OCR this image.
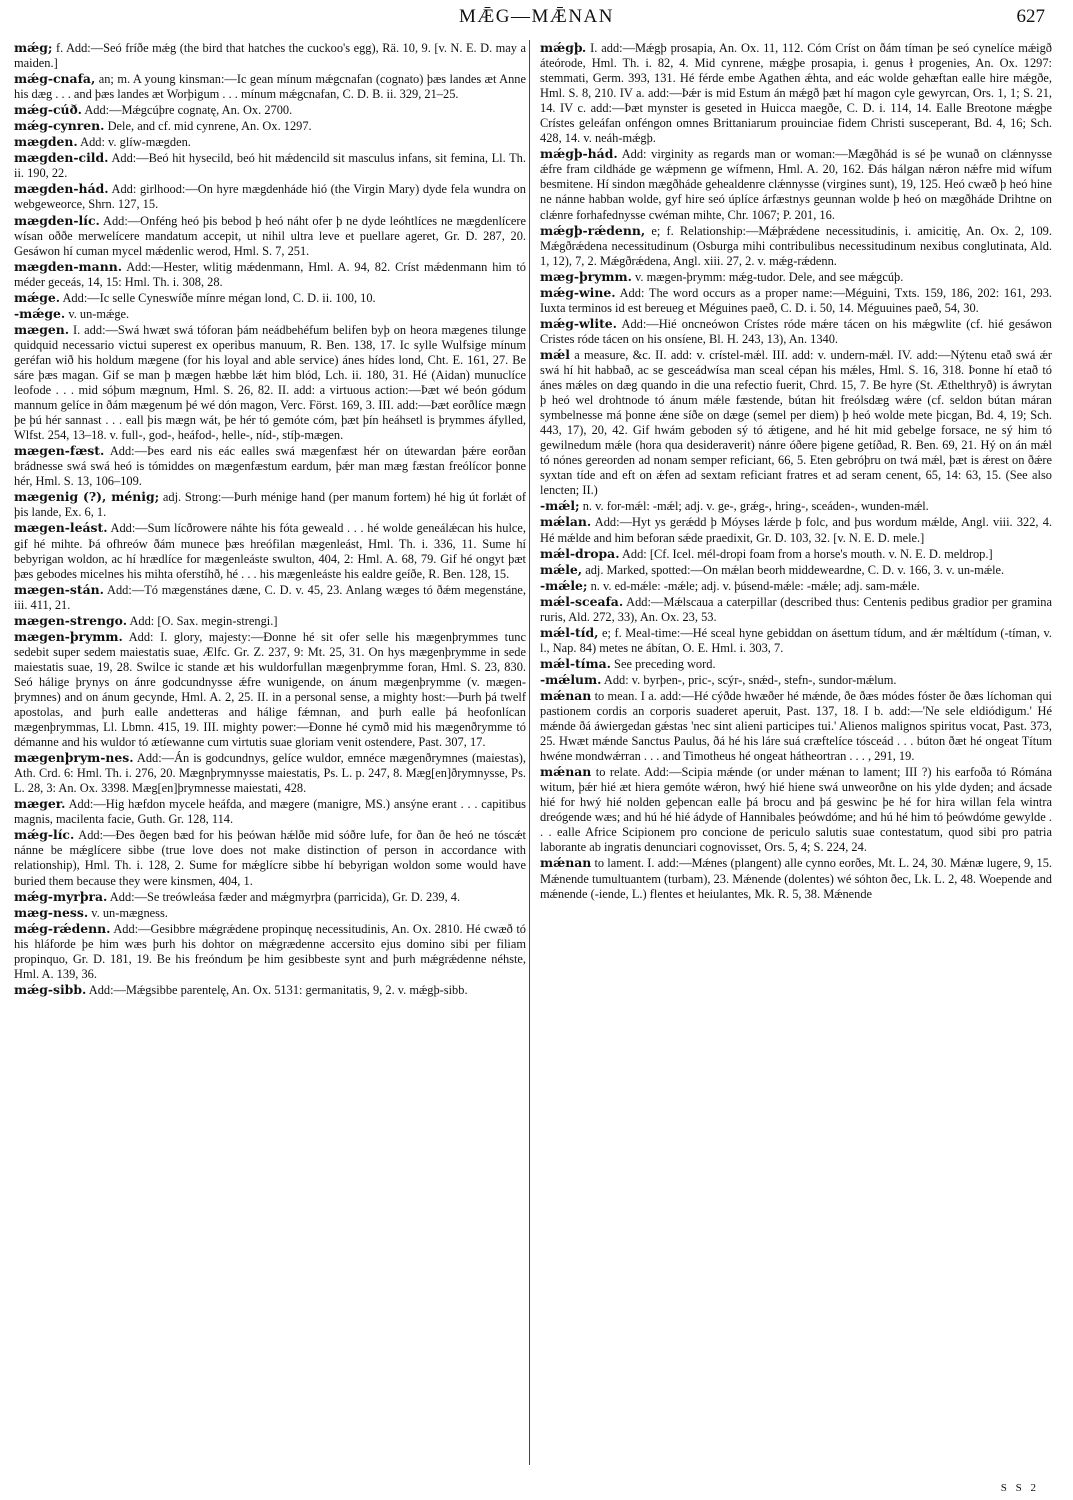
MǢG—MǢNAN	627

mǽg; f. Add:—Seó fríðe mǽg (the bird that hatches the cuckoo's egg), Rä. 10, 9. [v. N. E. D. may a maiden.]

mǽg-cnafa, an; m. A young kinsman:—Ic gean mínum mǽgcnafan (cognato) þæs landes æt Anne his dæg . . . and þæs landes æt Worþigum . . . mínum mǽgcnafan, C. D. B. ii. 329, 21–25.

mǽg-cúð. Add:—Mǽgcúþre cognatę, An. Ox. 2700.

mǽg-cynren. Dele, and cf. mid cynrene, An. Ox. 1297.

mægden. Add: v. glíw-mægden.

mægden-cild. Add:—Beó hit hysecild, beó hit mǽdencild sit masculus infans, sit femina, Ll. Th. ii. 190, 22.

mægden-hád. Add: girlhood:—On hyre mægdenháde hió (the Virgin Mary) dyde fela wundra on webgeweorce, Shrn. 127, 15.

mægden-líc. Add:—Onféng heó þis bebod þ heó náht ofer þ ne dyde leóhtlíces ne mægdenlícere wísan oððe merwelícere mandatum accepit, ut nihil ultra leve et puellare ageret, Gr. D. 287, 20. Gesáwon hí cuman mycel mǽdenlic werod, Hml. S. 7, 251.

mægden-mann. Add:—Hester, wlitig mǽdenmann, Hml. A. 94, 82. Críst mǽdenmann him tó méder geceás, 14, 15: Hml. Th. i. 308, 28.

mǽge. Add:—Ic selle Cyneswíðe mínre mégan lond, C. D. ii. 100, 10.

-mǽge. v. un-mǽge.

mægen. I. add:—Swá hwæt swá tóforan þám neádbehéfum belifen byþ on heora mægenes tilunge quidquid necessario victui superest ex operibus manuum, R. Ben. 138, 17. Ic sylle Wulfsige mínum geréfan wið his holdum mægene (for his loyal and able service) ánes hídes lond, Cht. E. 161, 27. Be sáre þæs magan. Gif se man þ mægen hæbbe lǽt him blód, Lch. ii. 180, 31. Hé (Aidan) munuclíce leofode . . . mid sóþum mægnum, Hml. S. 26, 82. II. add: a virtuous action:—Þæt wé beón gódum mannum gelíce in ðám mægenum þé wé dón magon, Verc. Först. 169, 3. III. add:—Þæt eorðlíce mægn þe þú hér sannast . . . eall þis mægn wát, þe hér tó gemóte cóm, þæt þín heáhsetl is þrymmes áfylled, Wlfst. 254, 13–18. v. full-, god-, heáfod-, helle-, níd-, stíþ-mægen.

mægen-fæst. Add:—Þes eard nis eác ealles swá mægenfæst hér on útewardan þǽre eorðan brádnesse swá swá heó is tómiddes on mægenfæstum eardum, þǽr man mæg fæstan freólícor þonne hér, Hml. S. 13, 106–109.

mægenig (?), ménig; adj. Strong:—Þurh ménige hand (per manum fortem) hé hig út forlǽt of þis lande, Ex. 6, 1.

mægen-leást. Add:—Sum lícðrowere náhte his fóta geweald . . . hé wolde geneálǽcan his hulce, gif hé mihte. Þá ofhreów ðám munece þæs hreófilan mægenleást, Hml. Th. i. 336, 11. Sume hí bebyrigan woldon, ac hí hrædlíce for mægenleáste swulton, 404, 2: Hml. A. 68, 79. Gif hé ongyt þæt þæs gebodes micelnes his mihta oferstíhð, hé . . . his mægenleáste his ealdre geíðe, R. Ben. 128, 15.

mægen-stán. Add:—Tó mægenstánes dæne, C. D. v. 45, 23. Anlang wæges tó ðǽm megenstáne, iii. 411, 21.

mægen-strengo. Add: [O. Sax. megin-strengi.]

mægen-þrymm. Add: I. glory, majesty:—Ðonne hé sit ofer selle his mægenþrymmes tunc sedebit super sedem maiestatis suae, Ælfc. Gr. Z. 237, 9: Mt. 25, 31. On hys mægenþrymme in sede maiestatis suae, 19, 28. Swilce ic stande æt his wuldorfullan mægenþrymme foran, Hml. S. 23, 830. Seó hálige þrynys on ánre godcundnysse ǽfre wunigende, on ánum mægenþrymme (v. mægen-þrymnes) and on ánum gecynde, Hml. A. 2, 25. II. in a personal sense, a mighty host:—Þurh þá twelf apostolas, and þurh ealle andetteras and hálige fǽmnan, and þurh ealle þá heofonlícan mægenþrymmas, Ll. Lbmn. 415, 19. III. mighty power:—Ðonne hé cymð mid his mægenðrymme tó démanne and his wuldor tó ætíewanne cum virtutis suae gloriam venit ostendere, Past. 307, 17.

mægenþrym-nes. Add:—Án is godcundnys, gelíce wuldor, emnéce mægenðrymnes (maiestas), Ath. Crd. 6: Hml. Th. i. 276, 20. Mægnþrymnysse maiestatis, Ps. L. p. 247, 8. Mæg[en]ðrymnysse, Ps. L. 28, 3: An. Ox. 3398. Mæg[en]þrymnesse maiestati, 428.

mæger. Add:—Hig hæfdon mycele heáfda, and mægere (manigre, MS.) ansýne erant . . . capitibus magnis, macilenta facie, Guth. Gr. 128, 114.

mǽg-líc. Add:—Ðes ðegen bæd for his þeówan hǽlðe mid sóðre lufe, for ðan ðe heó ne tóscǽt nánne be mǽglícere sibbe (true love does not make distinction of person in accordance with relationship), Hml. Th. i. 128, 2. Sume for mǽglícre sibbe hí bebyrigan woldon some would have buried them because they were kinsmen, 404, 1.

mǽg-myrþra. Add:—Se treówleása fæder and mǽgmyrþra (parricida), Gr. D. 239, 4.

mæg-ness. v. un-mægness.

mǽg-rǽdenn. Add:—Gesibbre mǽgrǽdene propinquę necessitudinis, An. Ox. 2810. Hé cwæð tó his hláforde þe him wæs þurh his dohtor on mǽgrædenne accersito ejus domino sibi per filiam propinquo, Gr. D. 181, 19. Be his freóndum þe him gesibbeste synt and þurh mǽgrǽdenne néhste, Hml. A. 139, 36.

mǽg-sibb. Add:—Mǽgsibbe parentelę, An. Ox. 5131: germanitatis, 9, 2. v. mǽgþ-sibb.

mǽgþ. I. add:—Mǽgþ prosapia, An. Ox. 11, 112. Cóm Críst on ðám tíman þe seó cynelíce mǽigð áteórode, Hml. Th. i. 82, 4. Mid cynrene, mǽgþe prosapia, i. genus ł progenies, An. Ox. 1297: stemmati, Germ. 393, 131. Hé férde embe Agathen ǽhta, and eác wolde gehæftan ealle hire mǽgðe, Hml. S. 8, 210. IV a. add:—Þǽr is mid Estum án mǽgð þæt hí magon cyle gewyrcan, Ors. 1, 1; S. 21, 14. IV c. add:—Þæt mynster is geseted in Huicca maegðe, C. D. i. 114, 14. Ealle Breotone mǽgþe Crístes geleáfan onféngon omnes Brittaniarum prouinciae fidem Christi susceperant, Bd. 4, 16; Sch. 428, 14. v. neáh-mǽgþ.

mǽgþ-hád. Add: virginity as regards man or woman:—Mægðhád is sé þe wunað on clǽnnysse ǽfre fram cildháde ge wǽpmenn ge wífmenn, Hml. A. 20, 162. Ðás hálgan nǽron nǽfre mid wífum besmitene. Hí sindon mægðháde gehealdenre clǽnnysse (virgines sunt), 19, 125. Heó cwæð þ heó hine ne nánne habban wolde, gyf hire seó úplíce árfæstnys geunnan wolde þ heó on mægðháde Drihtne on clǽnre forhafednysse cwéman mihte, Chr. 1067; P. 201, 16.

mǽgþ-rǽdenn, e; f. Relationship:—Mǽþrǽdene necessitudinis, i. amicitię, An. Ox. 2, 109. Mǽgðrǽdena necessitudinum (Osburga mihi contribulibus necessitudinum nexibus conglutinata, Ald. 1, 12), 7, 2. Mǽgðrǽdena, Angl. xiii. 27, 2. v. mǽg-rǽdenn.

mæg-þrymm. v. mægen-þrymm: mǽg-tudor. Dele, and see mǽgcúþ.

mǽg-wine. Add: The word occurs as a proper name:—Méguini, Txts. 159, 186, 202: 161, 293. Iuxta terminos id est bereueg et Méguines paeð, C. D. i. 50, 14. Méguuines paeð, 54, 30.

mǽg-wlite. Add:—Hié oncneówon Crístes róde mǽre tácen on his mǽgwlite (cf. hié gesáwon Cristes róde tácen on his onsíene, Bl. H. 243, 13), An. 1340.

mǽl a measure, &c. II. add: v. crístel-mǽl. III. add: v. undern-mǽl. IV. add:—Nýtenu etað swá ǽr swá hí hit habbað, ac se gesceádwísa man sceal cépan his mǽles, Hml. S. 16, 318. Þonne hí etað tó ánes mǽles on dæg quando in die una refectio fuerit, Chrd. 15, 7. Be hyre (St. Æthelthryð) is áwrytan þ heó wel drohtnode tó ánum mǽle fæstende, bútan hit freólsdæg wǽre (cf. seldon bútan máran symbelnesse má þonne ǽne síðe on dæge (semel per diem) þ heó wolde mete þicgan, Bd. 4, 19; Sch. 443, 17), 20, 42. Gif hwám geboden sý tó ǽtigene, and hé hit mid gebelge forsace, ne sý him tó gewilnedum mǽle (hora qua desideraverit) nánre óðere þigene getíðad, R. Ben. 69, 21. Hý on án mǽl tó nónes gereorden ad nonam semper reficiant, 66, 5. Eten gebróþru on twá mǽl, þæt is ǽrest on ðǽre syxtan tíde and eft on ǽfen ad sextam reficiant fratres et ad seram cenent, 65, 14: 63, 15. (See also lencten; II.)

-mǽl; n. v. for-mǽl: -mǽl; adj. v. ge-, grǽg-, hring-, sceáden-, wunden-mǽl.

mǽlan. Add:—Hyt ys gerǽdd þ Móyses lǽrde þ folc, and þus wordum mǽlde, Angl. viii. 322, 4. Hé mǽlde and him beforan sǽde praedixit, Gr. D. 103, 32. [v. N. E. D. mele.]

mǽl-dropa. Add: [Cf. Icel. mél-dropi foam from a horse's mouth. v. N. E. D. meldrop.]

mǽle, adj. Marked, spotted:—On mǽlan beorh middeweardne, C. D. v. 166, 3. v. un-mǽle.

-mǽle; n. v. ed-mǽle: -mǽle; adj. v. þúsend-mǽle: -mǽle; adj. sam-mǽle.

mǽl-sceafa. Add:—Mǽlscaua a caterpillar (described thus: Centenis pedibus gradior per gramina ruris, Ald. 272, 33), An. Ox. 23, 53.

mǽl-tíd, e; f. Meal-time:—Hé sceal hyne gebiddan on ásettum tídum, and ǽr mǽltídum (-tíman, v. l., Nap. 84) metes ne ábítan, O. E. Hml. i. 303, 7.

mǽl-tíma. See preceding word.

-mǽlum. Add: v. byrþen-, pric-, scýr-, snǽd-, stefn-, sundor-mǽlum.

mǽnan to mean. I a. add:—Hé cýðde hwæðer hé mǽnde, ðe ðæs módes fóster ðe ðæs líchoman qui pastionem cordis an corporis suaderet aperuit, Past. 137, 18. I b. add:—'Ne sele eldiódigum.' Hé mǽnde ðá áwiergedan gǽstas 'nec sint alieni participes tui.' Alienos malignos spiritus vocat, Past. 373, 25. Hwæt mǽnde Sanctus Paulus, ðá hé his láre suá cræftelíce tósceád . . . búton ðæt hé ongeat Títum hwéne mondwǽrran . . . and Timotheus hé ongeat hátheortran . . . , 291, 19.

mǽnan to relate. Add:—Scipia mǽnde (or under mǽnan to lament; III ?) his earfoða tó Rómána witum, þǽr hié æt hiera gemóte wǽron, hwý hié hiene swá unweorðne on his ylde dyden; and ácsade hié for hwý hié nolden geþencan ealle þá brocu and þá geswinc þe hé for hira willan fela wintra dreógende wæs; and hú hé hié ádyde of Hannibales þeówdóme; and hú hé him tó þeówdóme gewylde . . . ealle Africe Scipionem pro concione de periculo salutis suae contestatum, quod sibi pro patria laborante ab ingratis denunciari cognovisset, Ors. 5, 4; S. 224, 24.

mǽnan to lament. I. add:—Mǽnes (plangent) alle cynno eorðes, Mt. L. 24, 30. Mǽnæ lugere, 9, 15. Mǽnende tumultuantem (turbam), 23. Mǽnende (dolentes) wé sóhton ðec, Lk. L. 2, 48. Woepende and mǽnende (-iende, L.) flentes et heiulantes, Mk. R. 5, 38. Mǽnende

S S 2
